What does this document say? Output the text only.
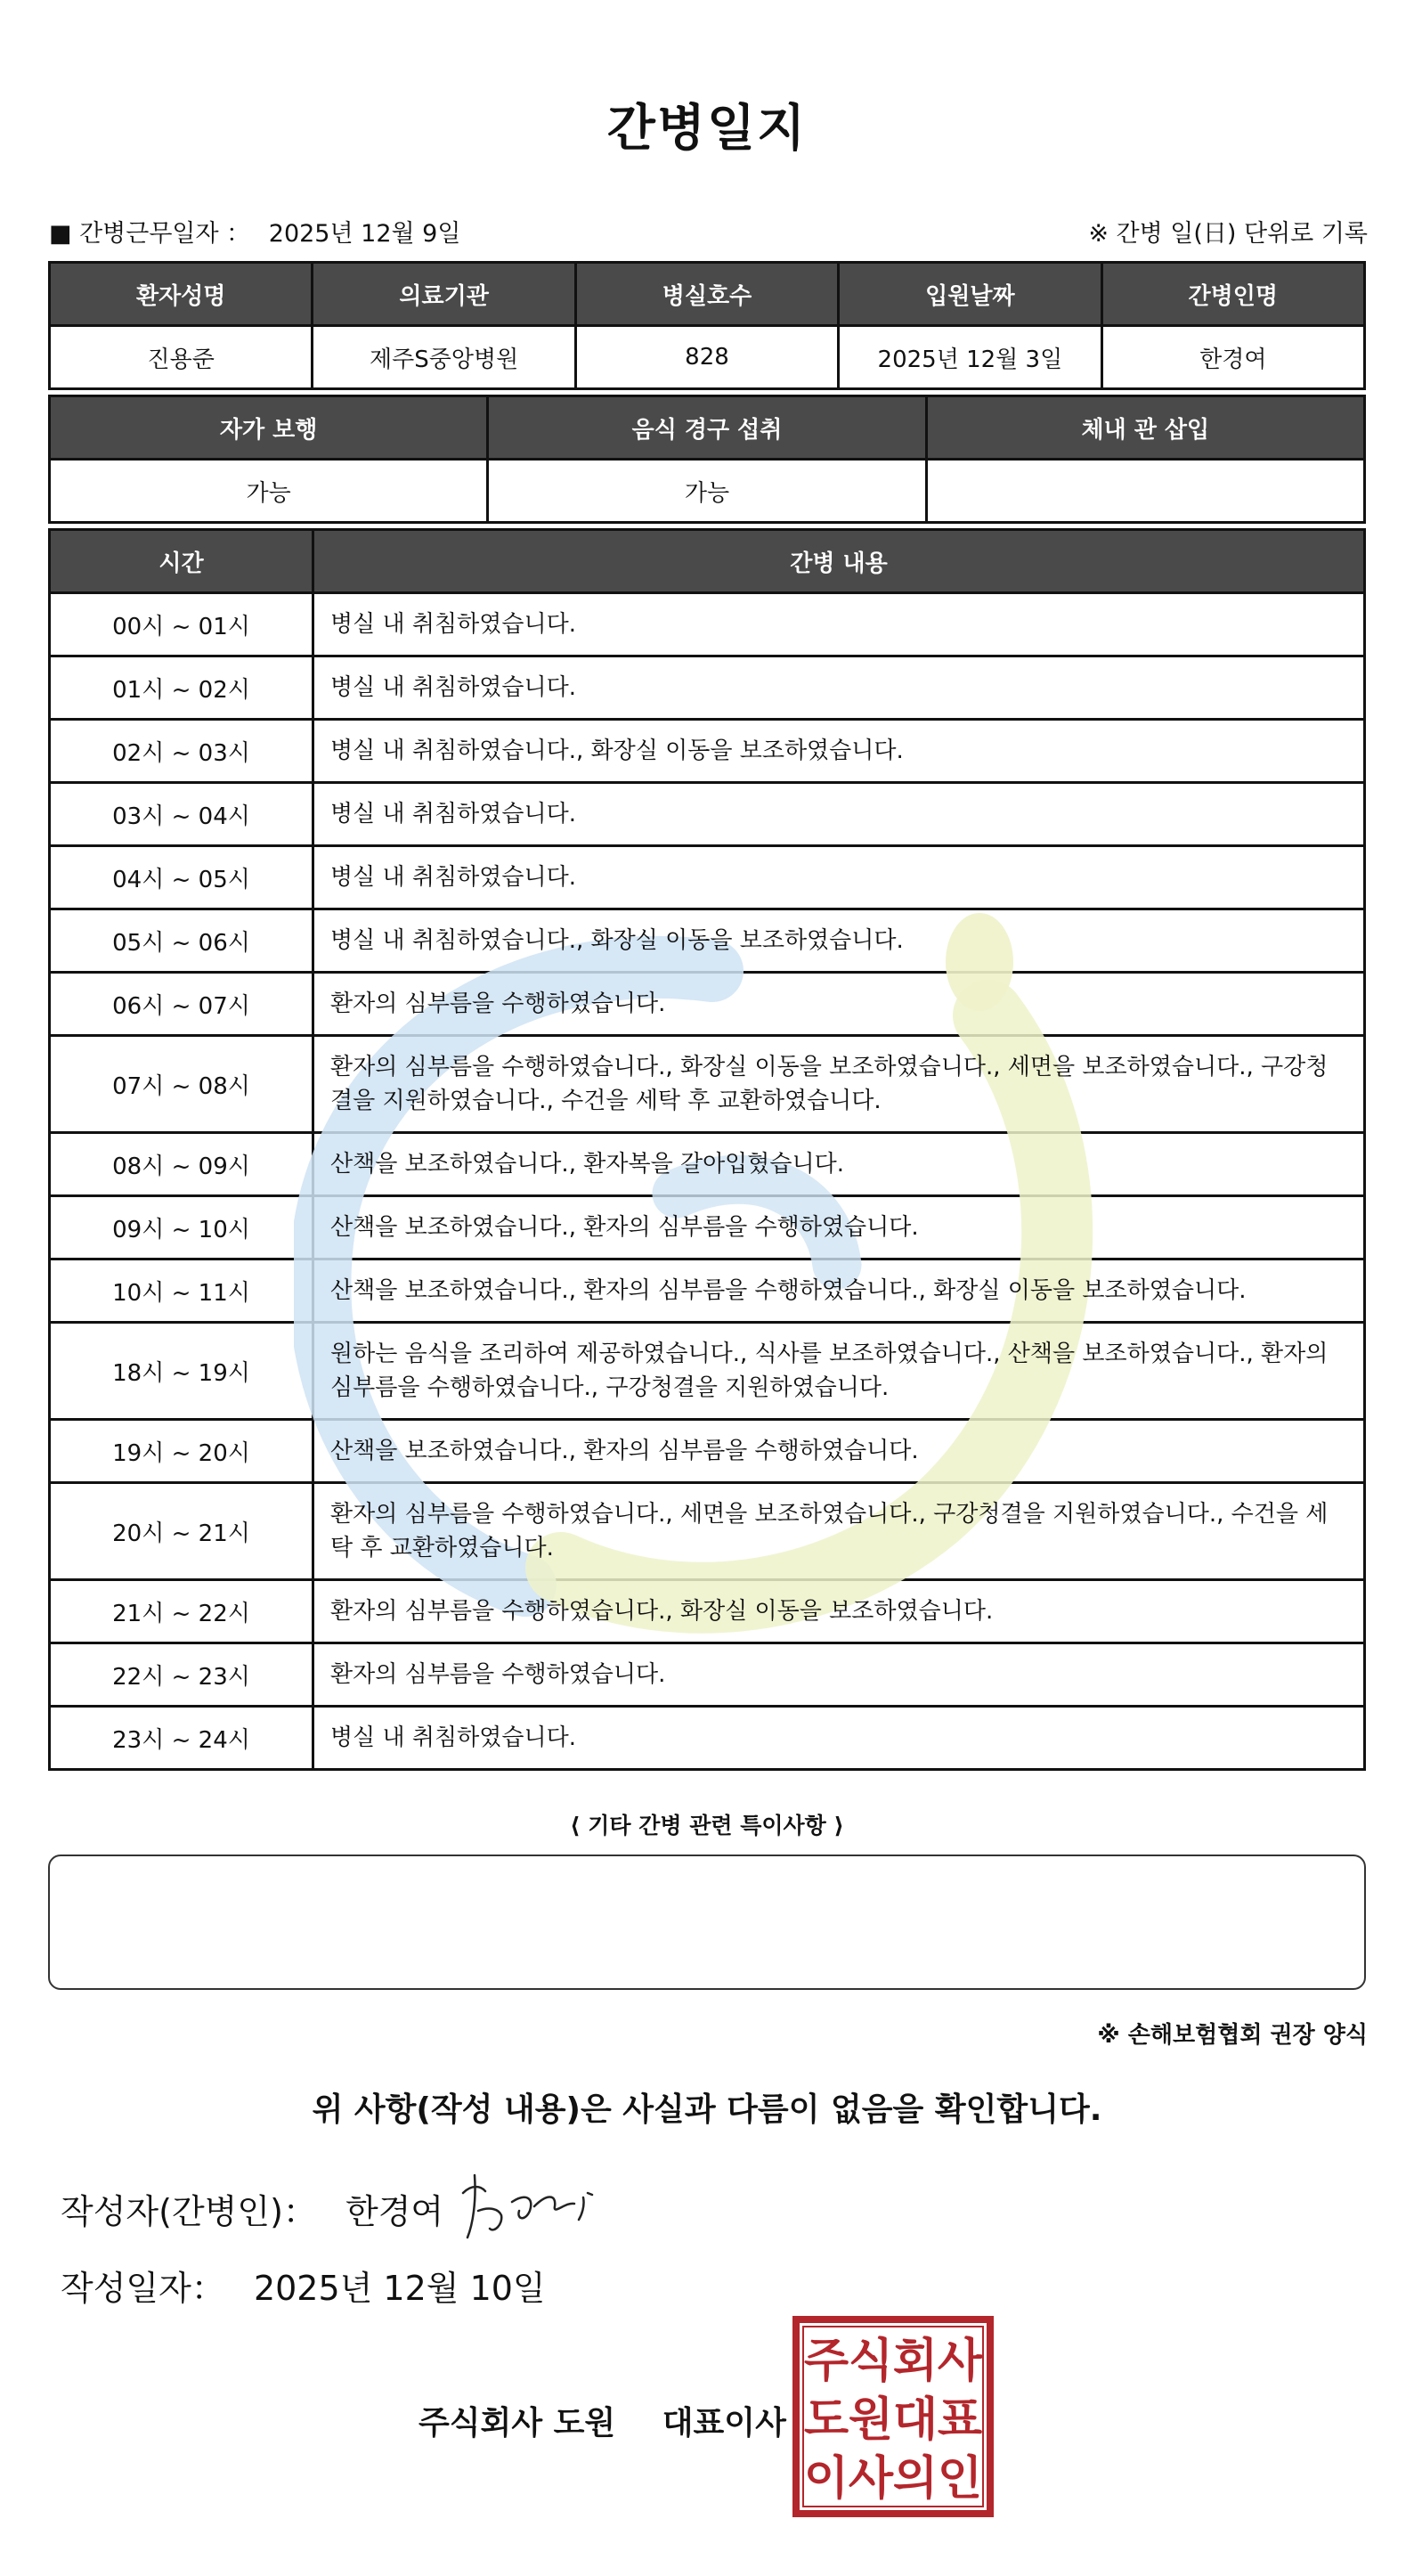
간병일지
■ 간병근무일자 ： 2025년 12월 9일	※ 간병 일(日) 단위로 기록
환자성명	의료기관	병실호수	입원날짜	간병인명
진용준	제주S중앙병원	828	2025년 12월 3일	한경여
자가 보행	음식 경구 섭취	체내 관 삽입
가능	가능	
시간	간병 내용
00시 ~ 01시	병실 내 취침하였습니다.
01시 ~ 02시	병실 내 취침하였습니다.
02시 ~ 03시	병실 내 취침하였습니다., 화장실 이동을 보조하였습니다.
03시 ~ 04시	병실 내 취침하였습니다.
04시 ~ 05시	병실 내 취침하였습니다.
05시 ~ 06시	병실 내 취침하였습니다., 화장실 이동을 보조하였습니다.
06시 ~ 07시	환자의 심부름을 수행하였습니다.
07시 ~ 08시	환자의 심부름을 수행하였습니다., 화장실 이동을 보조하였습니다., 세면을 보조하였습니다., 구강청결을 지원하였습니다., 수건을 세탁 후 교환하였습니다.
08시 ~ 09시	산책을 보조하였습니다., 환자복을 갈아입혔습니다.
09시 ~ 10시	산책을 보조하였습니다., 환자의 심부름을 수행하였습니다.
10시 ~ 11시	산책을 보조하였습니다., 환자의 심부름을 수행하였습니다., 화장실 이동을 보조하였습니다.
18시 ~ 19시	원하는 음식을 조리하여 제공하였습니다., 식사를 보조하였습니다., 산책을 보조하였습니다., 환자의 심부름을 수행하였습니다., 구강청결을 지원하였습니다.
19시 ~ 20시	산책을 보조하였습니다., 환자의 심부름을 수행하였습니다.
20시 ~ 21시	환자의 심부름을 수행하였습니다., 세면을 보조하였습니다., 구강청결을 지원하였습니다., 수건을 세탁 후 교환하였습니다.
21시 ~ 22시	환자의 심부름을 수행하였습니다., 화장실 이동을 보조하였습니다.
22시 ~ 23시	환자의 심부름을 수행하였습니다.
23시 ~ 24시	병실 내 취침하였습니다.
⟨ 기타 간병 관련 특이사항 ⟩
※ 손해보험협회 권장 양식
위 사항(작성 내용)은 사실과 다름이 없음을 확인합니다.
작성자(간병인)： 한경여
작성일자： 2025년 12월 10일
주식회사 도원 대표이사
주 식 회 사
도 원 대 표
이 사 의 인
